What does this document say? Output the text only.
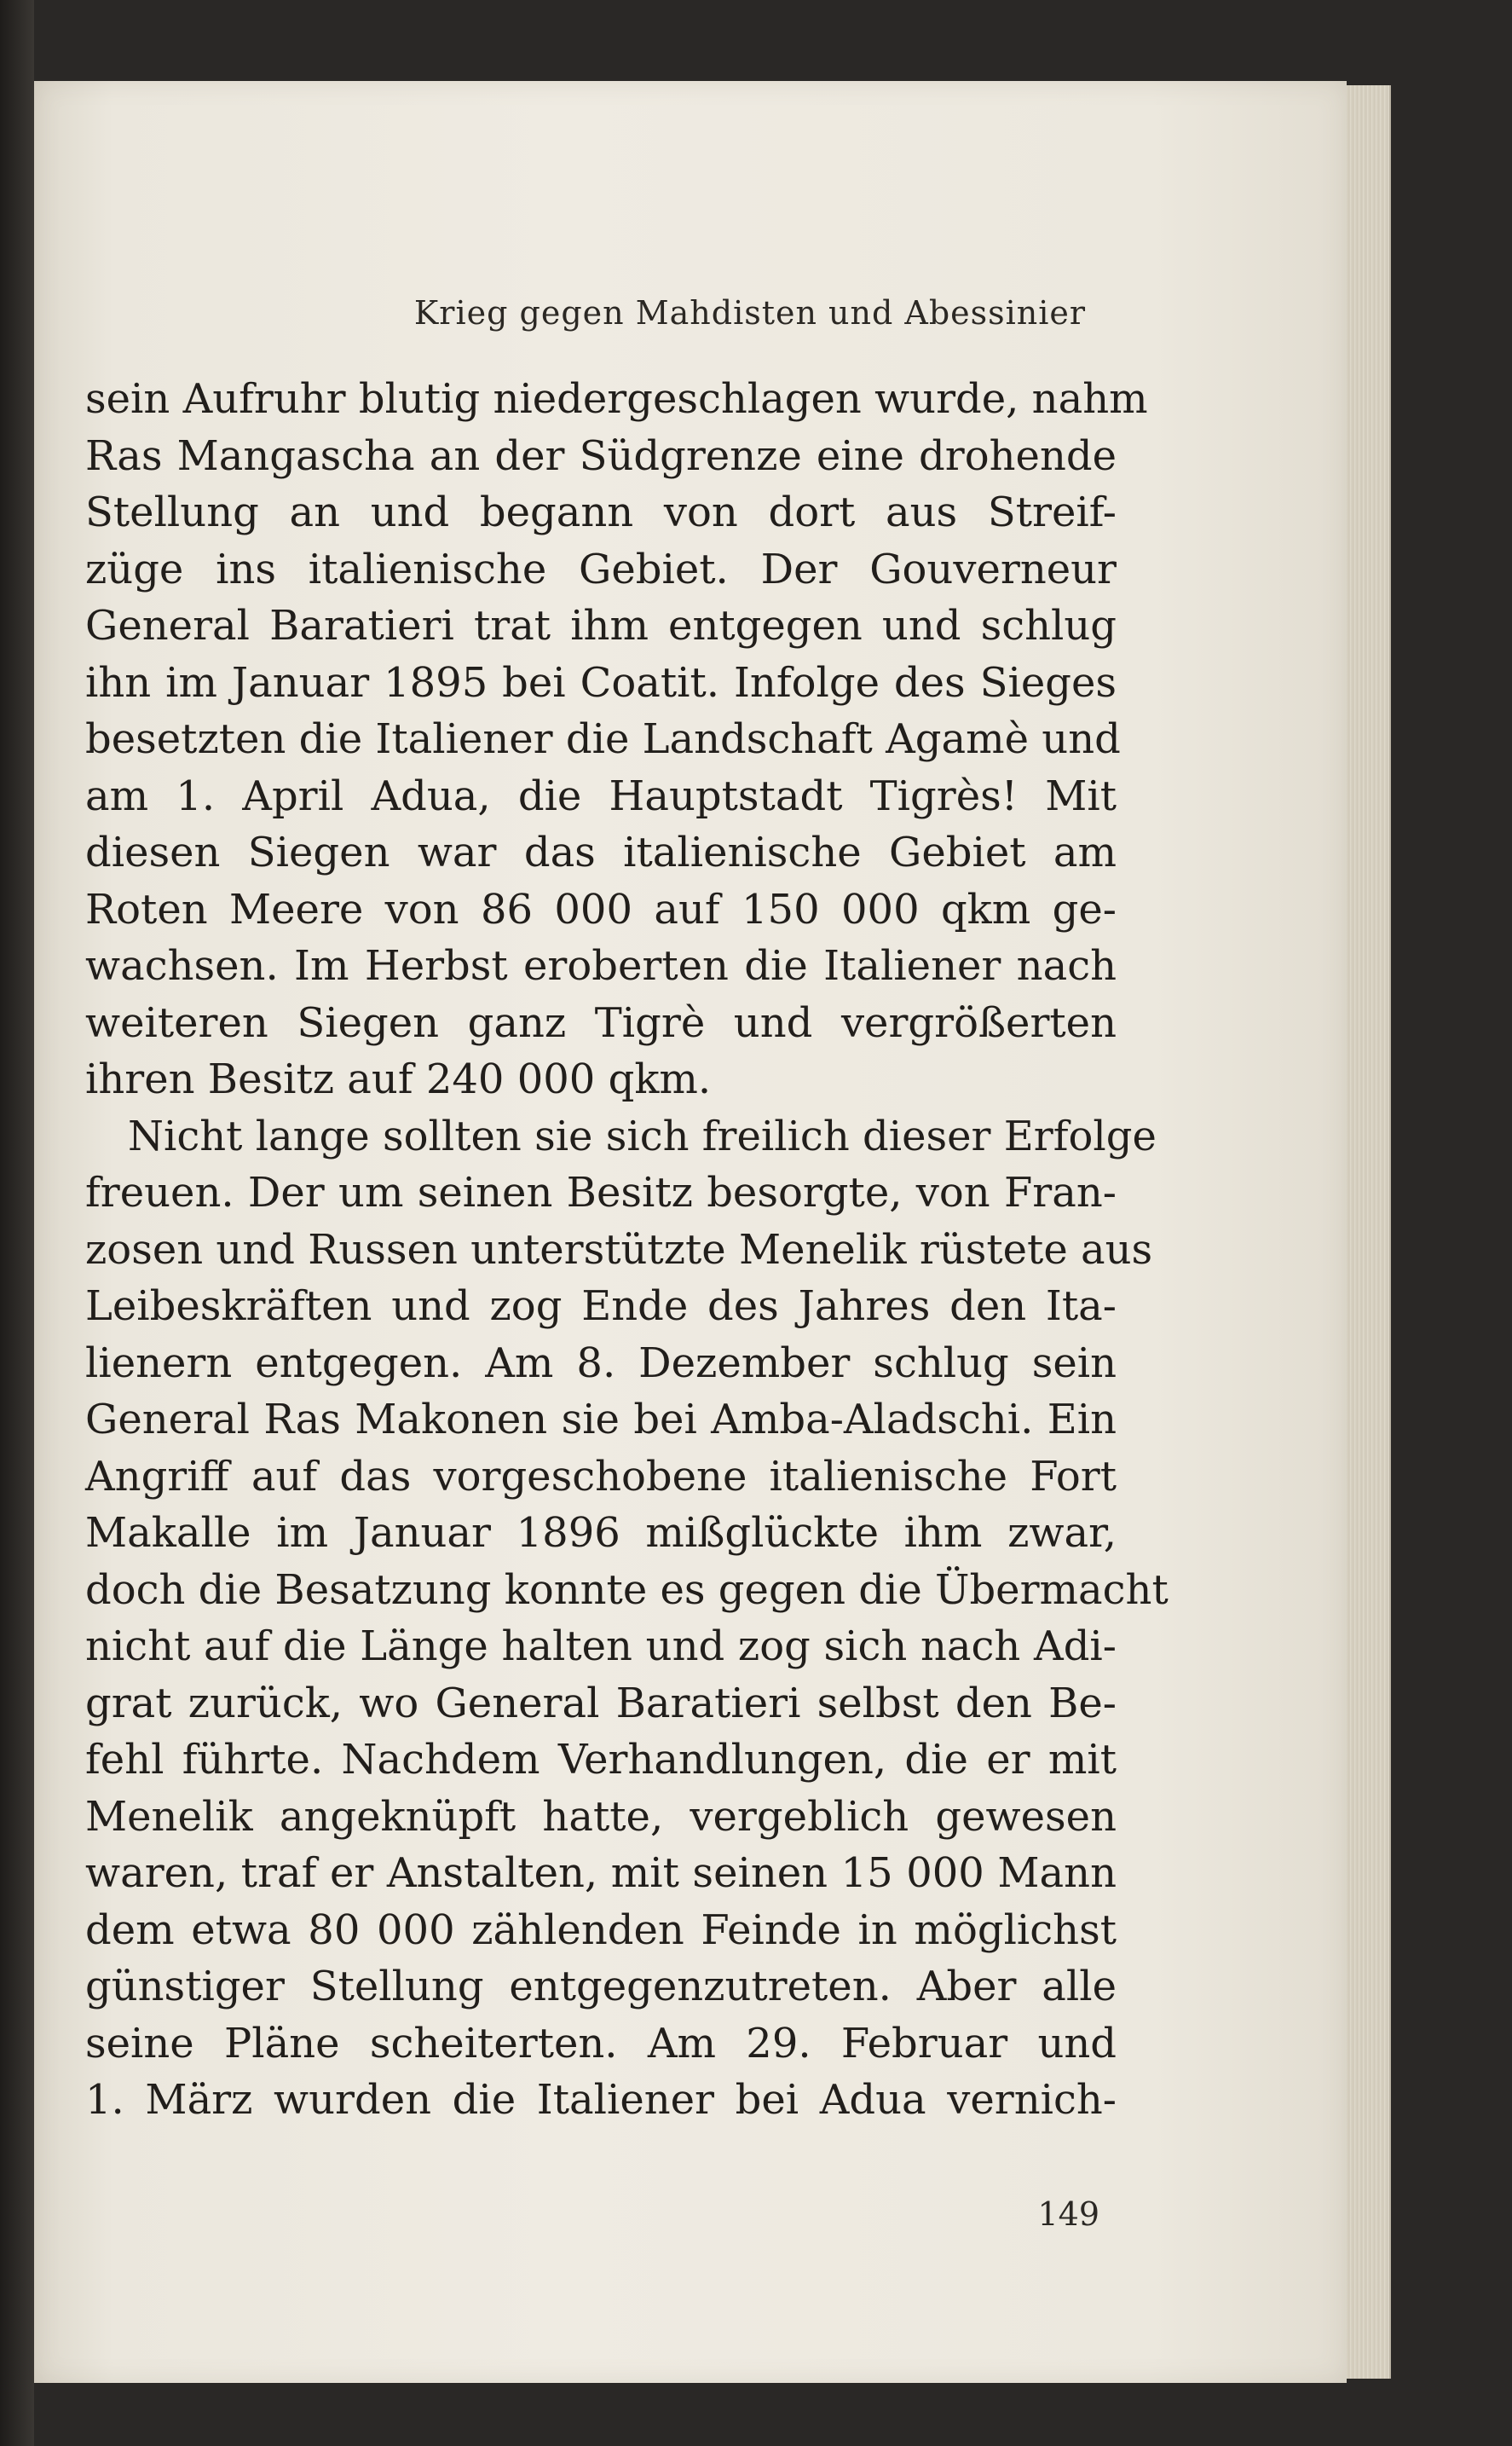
Krieg gegen Mahdisten und Abessinier
sein Aufruhr blutig niedergeschlagen wurde, nahm
Ras Mangascha an der Südgrenze eine drohende
Stellung an und begann von dort aus Streif-
züge ins italienische Gebiet. Der Gouverneur
General Baratieri trat ihm entgegen und schlug
ihn im Januar 1895 bei Coatit. Infolge des Sieges
besetzten die Italiener die Landschaft Agamè und
am 1. April Adua, die Hauptstadt Tigrès! Mit
diesen Siegen war das italienische Gebiet am
Roten Meere von 86 000 auf 150 000 qkm ge-
wachsen. Im Herbst eroberten die Italiener nach
weiteren Siegen ganz Tigrè und vergrößerten
ihren Besitz auf 240 000 qkm.
Nicht lange sollten sie sich freilich dieser Erfolge
freuen. Der um seinen Besitz besorgte, von Fran-
zosen und Russen unterstützte Menelik rüstete aus
Leibeskräften und zog Ende des Jahres den Ita-
lienern entgegen. Am 8. Dezember schlug sein
General Ras Makonen sie bei Amba-Aladschi. Ein
Angriff auf das vorgeschobene italienische Fort
Makalle im Januar 1896 mißglückte ihm zwar,
doch die Besatzung konnte es gegen die Übermacht
nicht auf die Länge halten und zog sich nach Adi-
grat zurück, wo General Baratieri selbst den Be-
fehl führte. Nachdem Verhandlungen, die er mit
Menelik angeknüpft hatte, vergeblich gewesen
waren, traf er Anstalten, mit seinen 15 000 Mann
dem etwa 80 000 zählenden Feinde in möglichst
günstiger Stellung entgegenzutreten. Aber alle
seine Pläne scheiterten. Am 29. Februar und
1. März wurden die Italiener bei Adua vernich-
149
